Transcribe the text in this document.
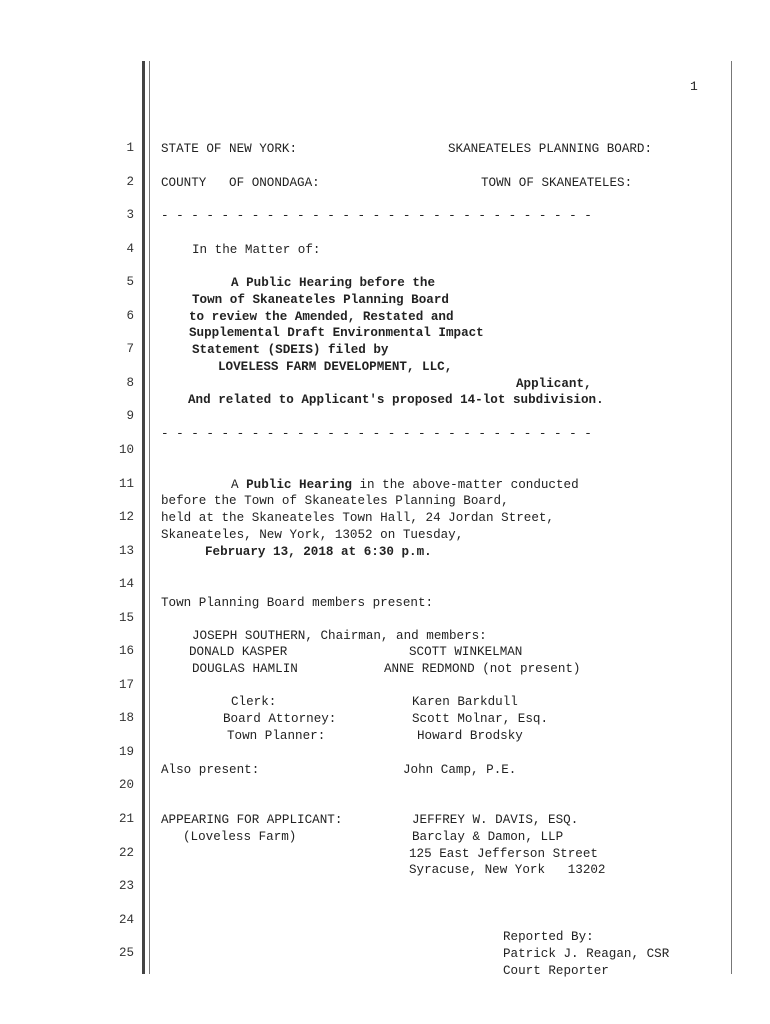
1
1
2
3
4
5
6
7
8
9
10
11
12
13
14
15
16
17
18
19
20
21
22
23
24
25
STATE OF NEW YORK:	SKANEATELES PLANNING BOARD:
COUNTY   OF ONONDAGA:	TOWN OF SKANEATELES:
- - - - - - - - - - - - - - - - - - - - - - - - - - - - -
In the Matter of:
A Public Hearing before the
Town of Skaneateles Planning Board
to review the Amended, Restated and
Supplemental Draft Environmental Impact
Statement (SDEIS) filed by
LOVELESS FARM DEVELOPMENT, LLC,
Applicant,
And related to Applicant's proposed 14-lot subdivision.
- - - - - - - - - - - - - - - - - - - - - - - - - - - - -
A Public Hearing in the above-matter conducted
before the Town of Skaneateles Planning Board,
held at the Skaneateles Town Hall, 24 Jordan Street,
Skaneateles, New York, 13052 on Tuesday,
February 13, 2018 at 6:30 p.m.
Town Planning Board members present:
JOSEPH SOUTHERN, Chairman, and members:
DONALD KASPER	SCOTT WINKELMAN
DOUGLAS HAMLIN	ANNE REDMOND (not present)
Clerk:	Karen Barkdull
Board Attorney:	Scott Molnar, Esq.
Town Planner:	Howard Brodsky
Also present:	John Camp, P.E.
APPEARING FOR APPLICANT:	JEFFREY W. DAVIS, ESQ.
(Loveless Farm)	Barclay & Damon, LLP
125 East Jefferson Street
Syracuse, New York   13202
Reported By:
Patrick J. Reagan, CSR
Court Reporter
